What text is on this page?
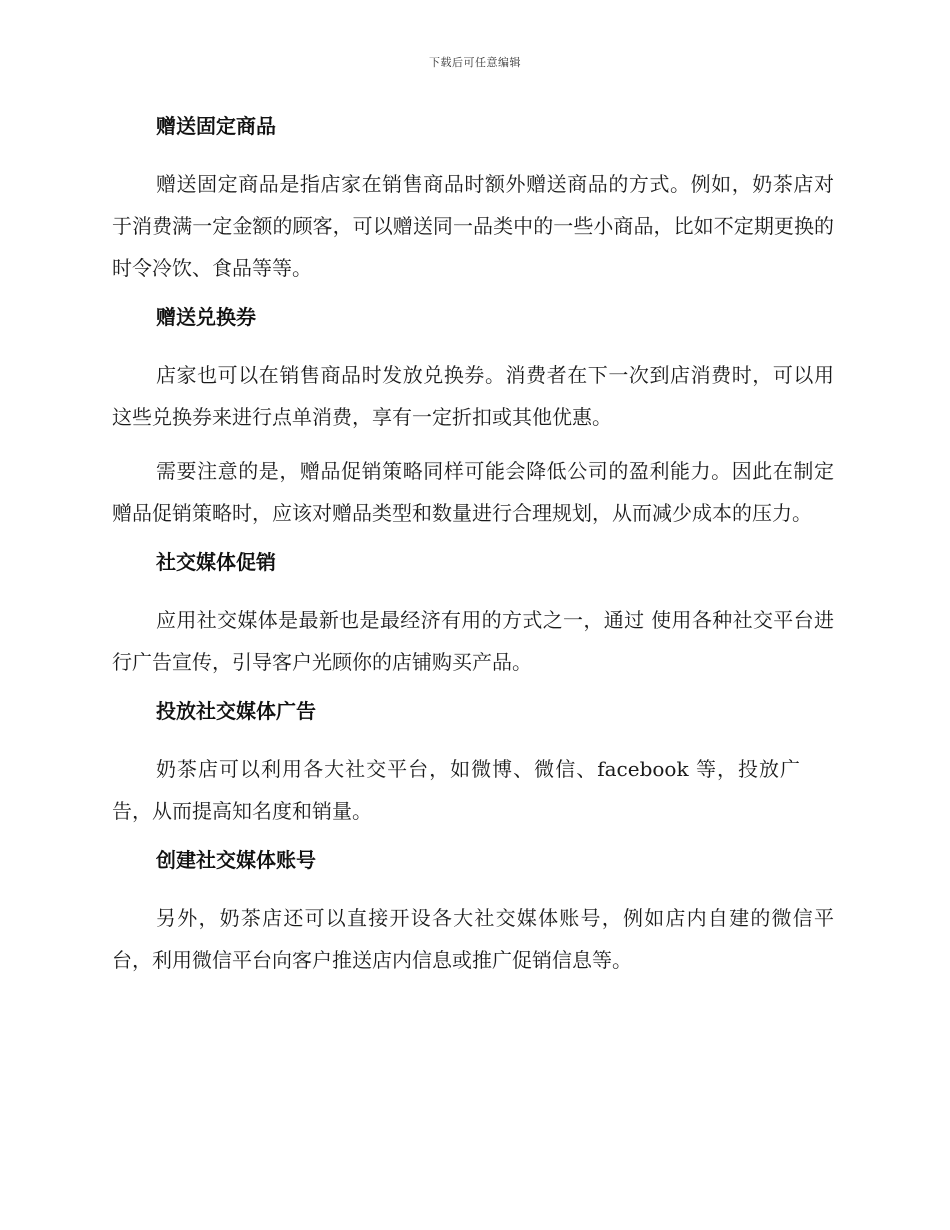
下载后可任意编辑
赠送固定商品

赠送固定商品是指店家在销售商品时额外赠送商品的方式。例如，奶茶店对于消费满一定金额的顾客，可以赠送同一品类中的一些小商品，比如不定期更换的时令冷饮、食品等等。

赠送兑换券

店家也可以在销售商品时发放兑换券。消费者在下一次到店消费时，可以用这些兑换券来进行点单消费，享有一定折扣或其他优惠。

需要注意的是，赠品促销策略同样可能会降低公司的盈利能力。因此在制定赠品促销策略时，应该对赠品类型和数量进行合理规划，从而减少成本的压力。

社交媒体促销

应用社交媒体是最新也是最经济有用的方式之一，通过 使用各种社交平台进行广告宣传，引导客户光顾你的店铺购买产品。

投放社交媒体广告

奶茶店可以利用各大社交平台，如微博、微信、facebook 等，投放广告，从而提高知名度和销量。

创建社交媒体账号

另外，奶茶店还可以直接开设各大社交媒体账号，例如店内自建的微信平台，利用微信平台向客户推送店内信息或推广促销信息等。
